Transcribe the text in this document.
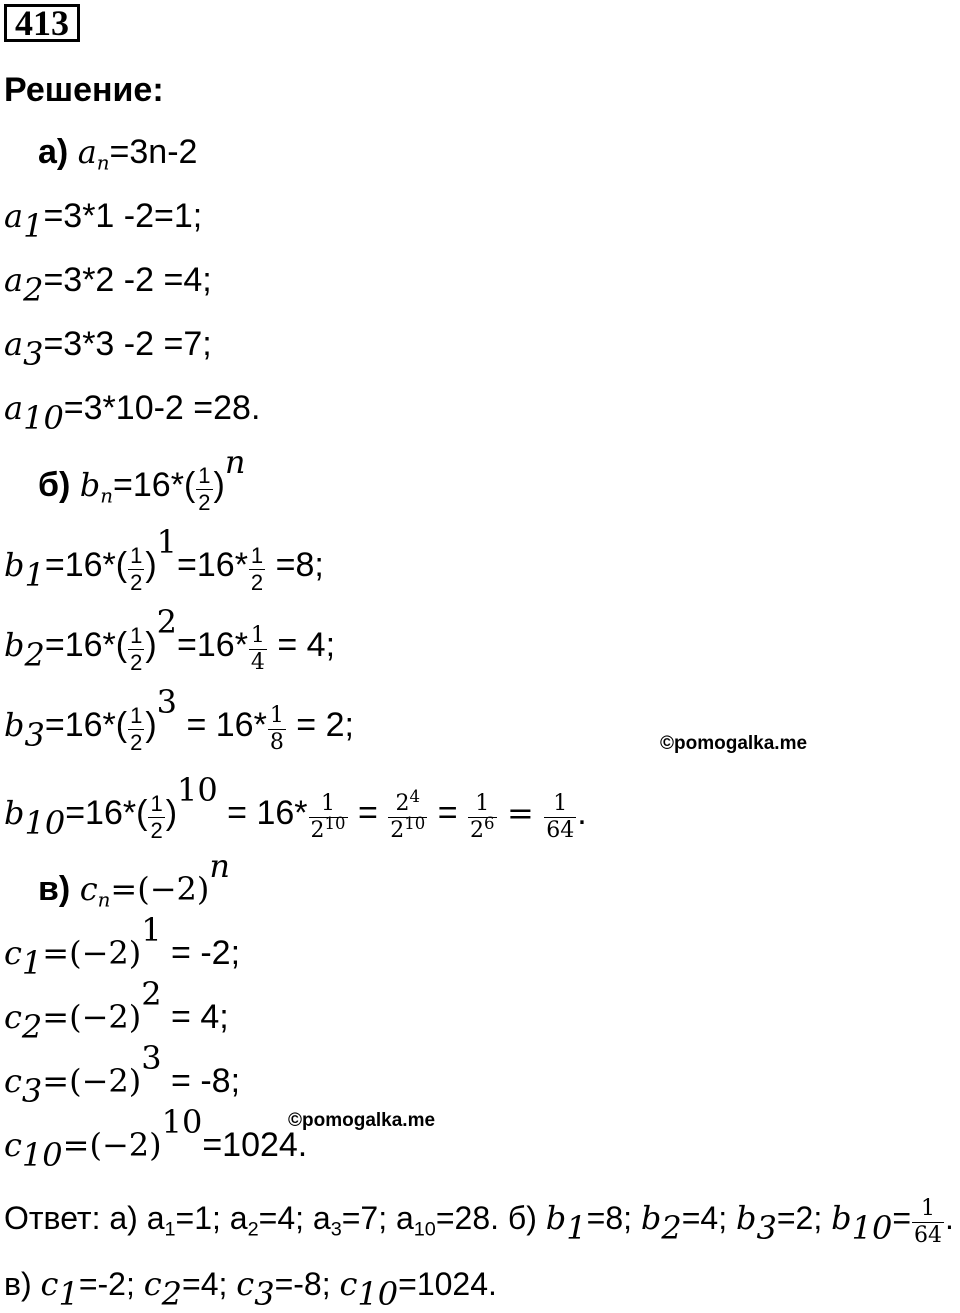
413
Решение:
а) $a_n=3n-2$
$a_1=3*1$ -2=1;
$a_2=3*2$ -2 =4;
$a_3=3*3$ -2 =7;
$a_{10}=3*10-2 =28$.
б) $b_n=16*( \frac{1}{2} )^n$
$b_1=16*( \frac{1}{2} )^1=16* \frac{1}{2} =8$;
$b_2=16*( \frac{1}{2} )^2=16* \frac{1}{4} = 4$;
$b_3=16*( \frac{1}{2} )^3 = 16* \frac{1}{8} = 2$;	©pomogalka.me
$b_{10}=16*( \frac{1}{2} )^{10} = 16* \frac{1}{2^{10}} = \frac{2^4}{2^{10}} = \frac{1}{2^6} = \frac{1}{64}$ .
в) $c_n=(-2)^n$
$c_1=(-2)^1 = -2$;
$c_2=(-2)^2 = 4$;
$c_3=(-2)^3 = -8$;
$c_{10}=(-2)^{10}=1024$.
©pomogalka.me
Ответ: а) $a_1=1$; $a_2=4$; $a_3=7$; $a_{10}=28$. б) $b_1=8$; $b_2=4$; $b_3=2$; $b_{10}= \frac{1}{64}$ .
в) $c_1=-2$; $c_2=4$; $c_3=-8$; $c_{10}=1024$.
